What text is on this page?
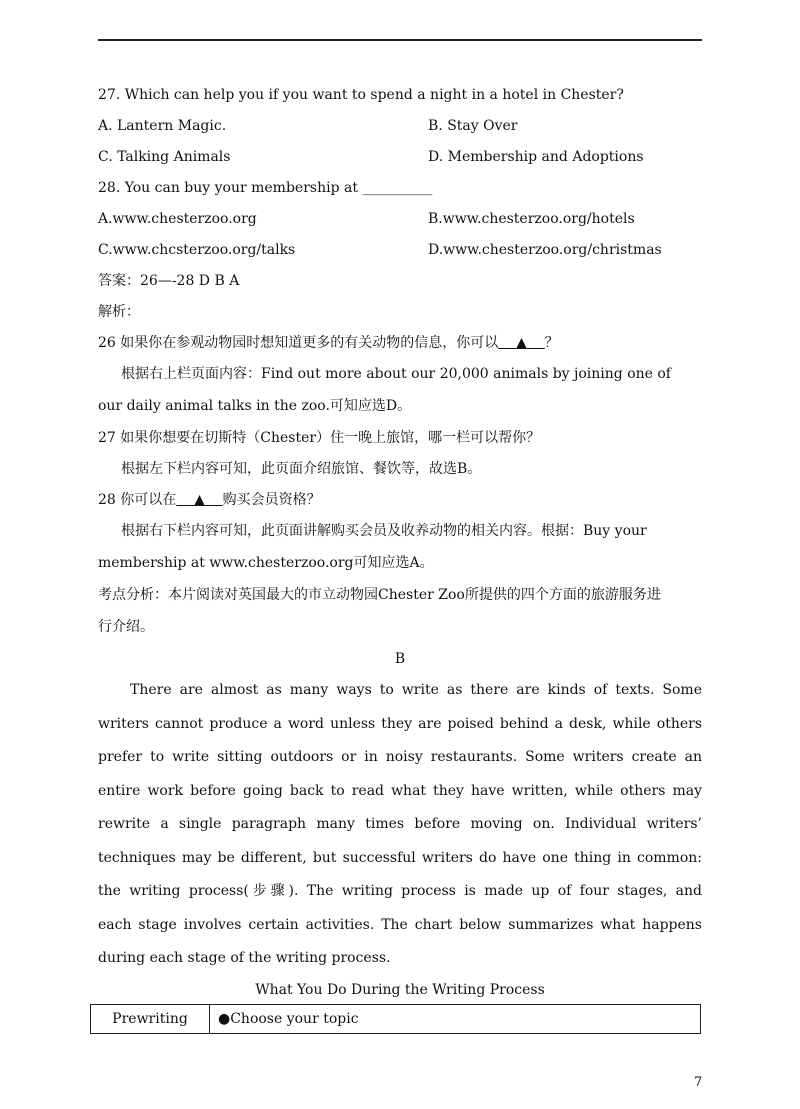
27. Which can help you if you want to spend a night in a hotel in Chester?
A. Lantern Magic.	B. Stay Over
C. Talking Animals	D. Membership and Adoptions
28. You can buy your membership at __________
A.www.chesterzoo.org	B.www.chesterzoo.org/hotels
C.www.chcsterzoo.org/talks	D.www.chesterzoo.org/christmas
答案：26—-28 D B A
解析：
26 如果你在参观动物园时想知道更多的有关动物的信息，你可以 ▲ ？
根据右上栏页面内容：Find out more about our 20,000 animals by joining one of
our daily animal talks in the zoo.可知应选D。
27 如果你想要在切斯特（Chester）住一晚上旅馆，哪一栏可以帮你？
根据左下栏内容可知，此页面介绍旅馆、餐饮等，故选B。
28 你可以在 ▲ 购买会员资格？
根据右下栏内容可知，此页面讲解购买会员及收养动物的相关内容。根据：Buy your
membership at www.chesterzoo.org可知应选A。
考点分析：本片阅读对英国最大的市立动物园Chester Zoo所提供的四个方面的旅游服务进
行介绍。
B
There are almost as many ways to write as there are kinds of texts. Some
writers cannot produce a word unless they are poised behind a desk, while others
prefer to write sitting outdoors or in noisy restaurants. Some writers create an
entire work before going back to read what they have written, while others may
rewrite a single paragraph many times before moving on. Individual writers’
techniques may be different, but successful writers do have one thing in common:
the writing process(步骤). The writing process is made up of four stages, and
each stage involves certain activities. The chart below summarizes what happens
during each stage of the writing process.
What You Do During the Writing Process
Prewriting	●Choose your topic
7
